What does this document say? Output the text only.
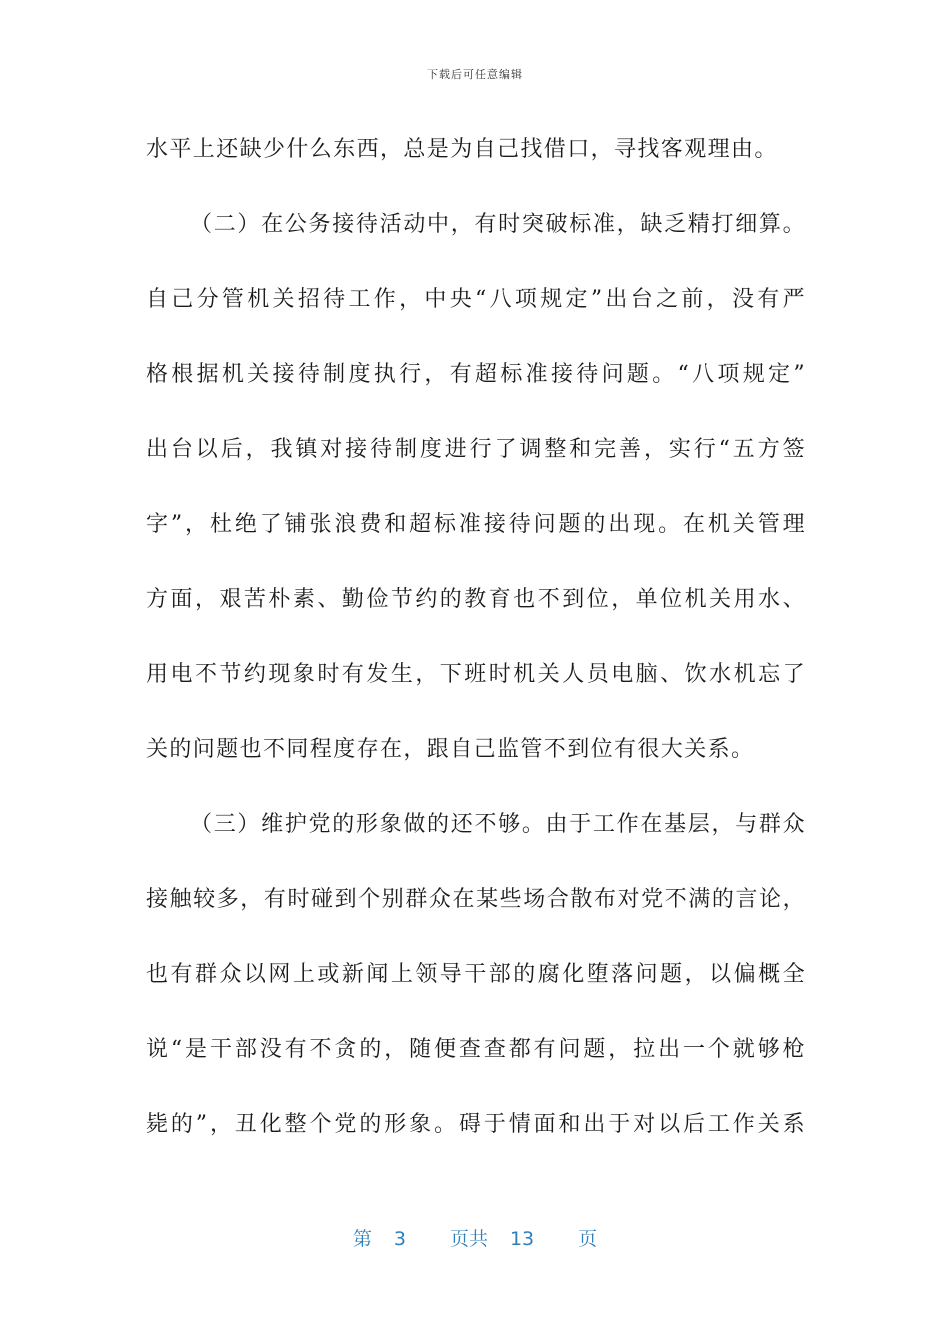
下载后可任意编辑
水平上还缺少什么东西，总是为自己找借口，寻找客观理由。
（二）在公务接待活动中，有时突破标准，缺乏精打细算。
自己分管机关招待工作，中央“八项规定”出台之前，没有严
格根据机关接待制度执行，有超标准接待问题。“八项规定”
出台以后，我镇对接待制度进行了调整和完善，实行“五方签
字”，杜绝了铺张浪费和超标准接待问题的出现。在机关管理
方面，艰苦朴素、勤俭节约的教育也不到位，单位机关用水、
用电不节约现象时有发生，下班时机关人员电脑、饮水机忘了
关的问题也不同程度存在，跟自己监管不到位有很大关系。
（三）维护党的形象做的还不够。由于工作在基层，与群众
接触较多，有时碰到个别群众在某些场合散布对党不满的言论，
也有群众以网上或新闻上领导干部的腐化堕落问题，以偏概全
说“是干部没有不贪的，随便查查都有问题，拉出一个就够枪
毙的”，丑化整个党的形象。碍于情面和出于对以后工作关系
第 3 页共 13 页
